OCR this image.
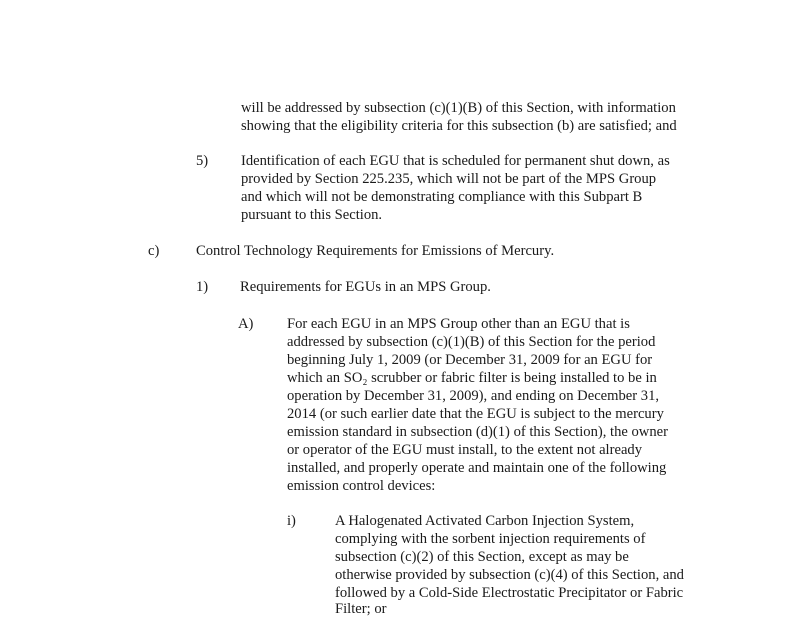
will be addressed by subsection (c)(1)(B) of this Section, with information

showing that the eligibility criteria for this subsection (b) are satisfied; and

5) Identification of each EGU that is scheduled for permanent shut down, as

provided by Section 225.235, which will not be part of the MPS Group

and which will not be demonstrating compliance with this Subpart B

pursuant to this Section.

c)	Control Technology Requirements for Emissions of Mercury.

1) Requirements for EGUs in an MPS Group.

A) For each EGU in an MPS Group other than an EGU that is

addressed by subsection (c)(1)(B) of this Section for the period

beginning July 1, 2009 (or December 31, 2009 for an EGU for

which an SO₂ scrubber or fabric filter is being installed to be in

operation by December 31, 2009), and ending on December 31,

2014 (or such earlier date that the EGU is subject to the mercury

emission standard in subsection (d)(1) of this Section), the owner

or operator of the EGU must install, to the extent not already

installed, and properly operate and maintain one of the following

emission control devices:

i)	A Halogenated Activated Carbon Injection System,

complying with the sorbent injection requirements of

subsection (c)(2) of this Section, except as may be

otherwise provided by subsection (c)(4) of this Section, and

followed by a Cold-Side Electrostatic Precipitator or Fabric

Filter; or
